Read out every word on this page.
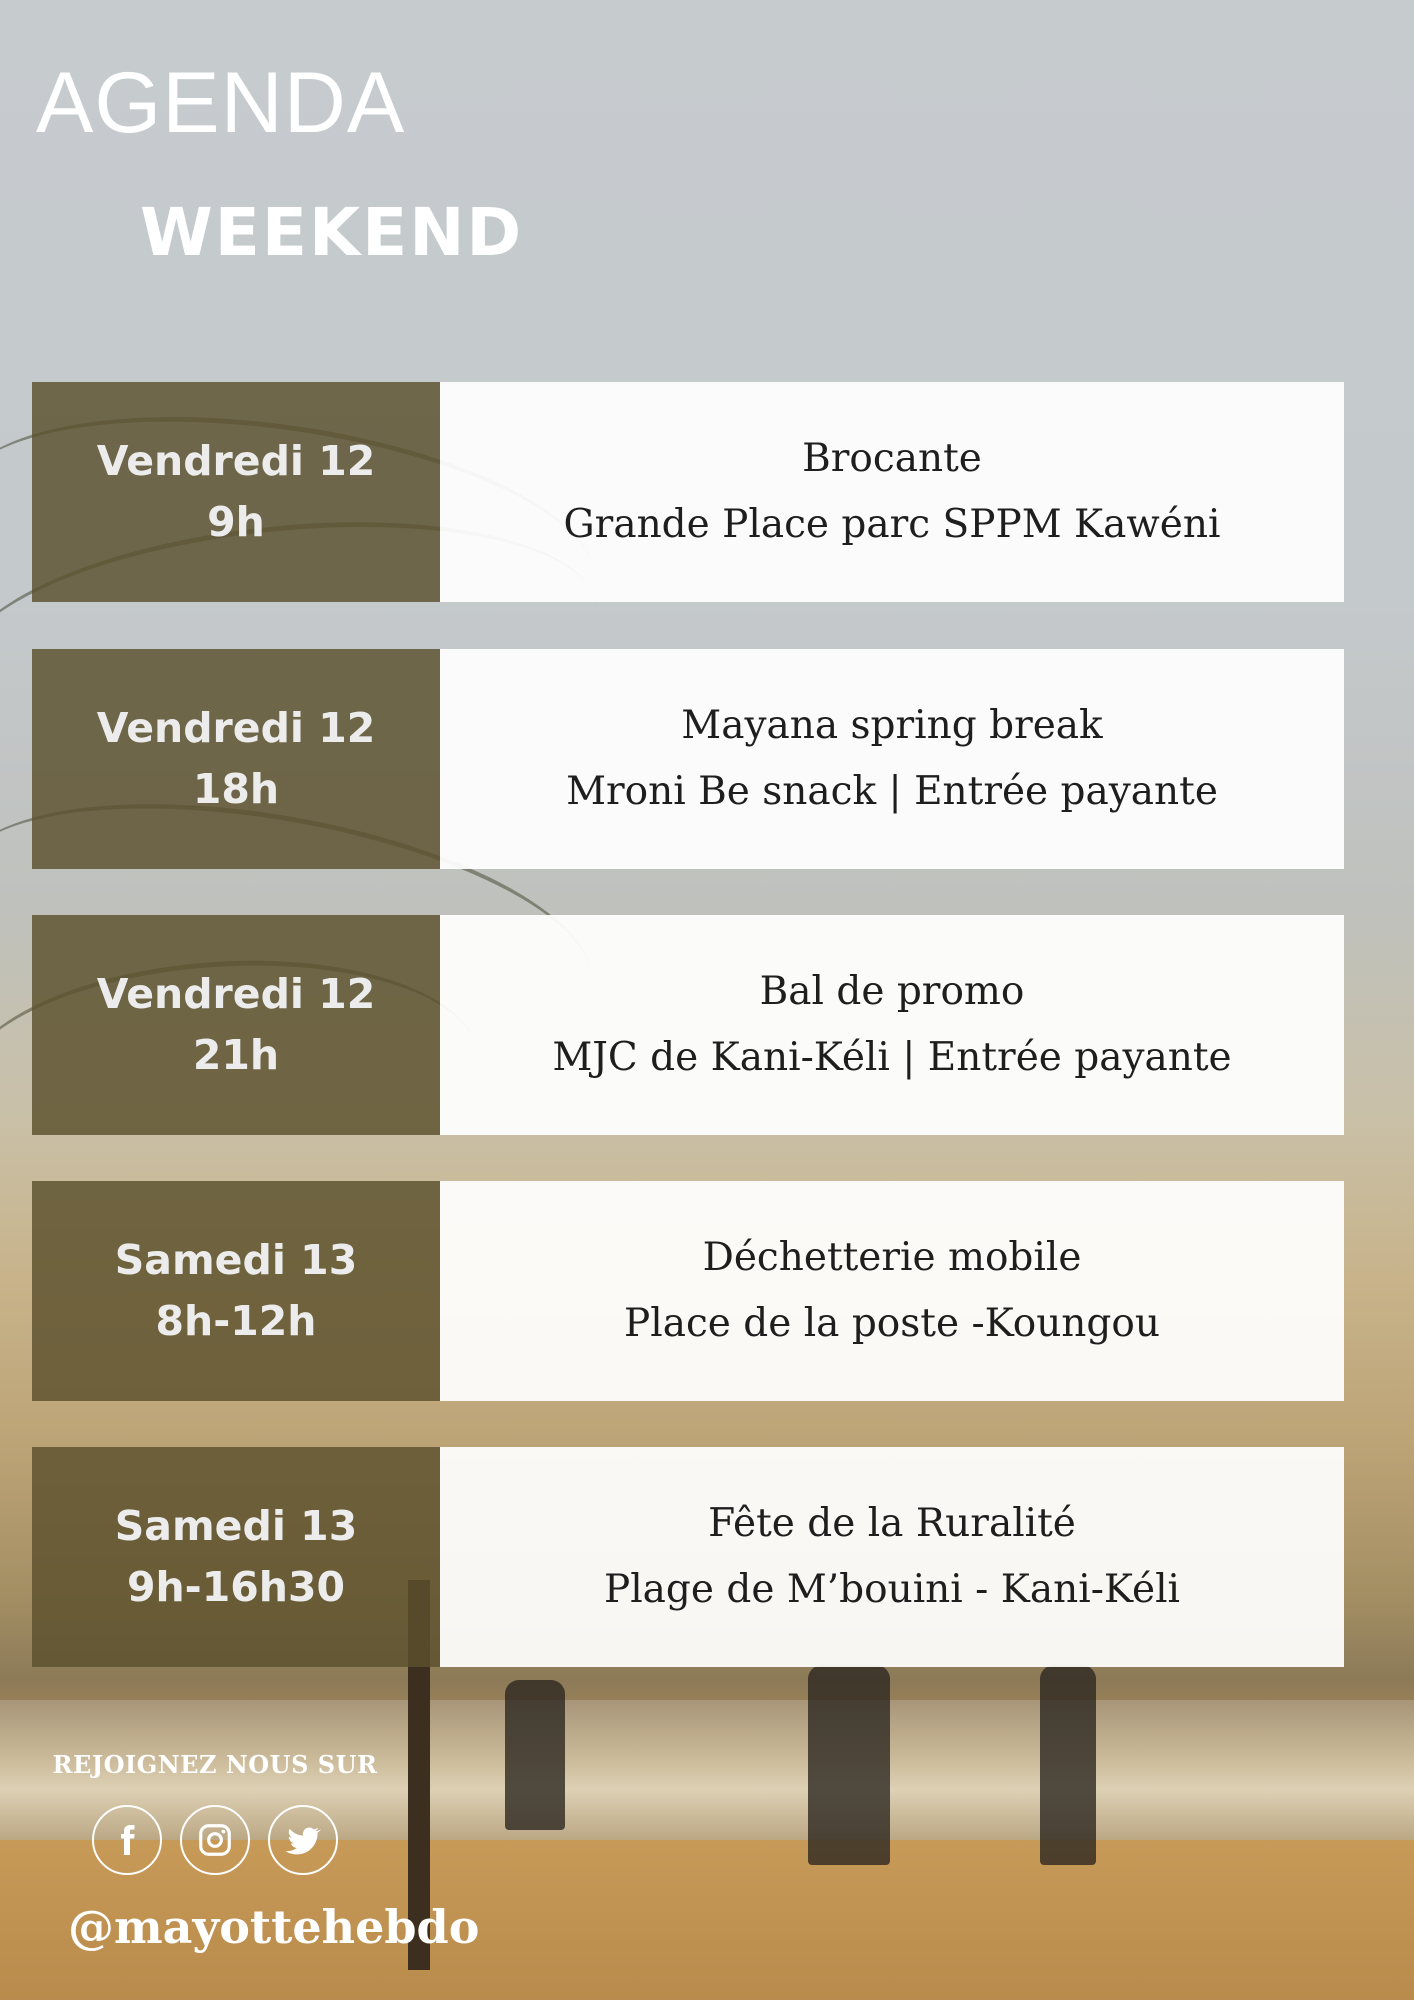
AGENDA
WEEKEND
Vendredi 12
9h
Brocante
Grande Place parc SPPM Kawéni
Vendredi 12
18h
Mayana spring break
Mroni Be snack | Entrée payante
Vendredi 12
21h
Bal de promo
MJC de Kani-Kéli | Entrée payante
Samedi 13
8h-12h
Déchetterie mobile
Place de la poste -Koungou
Samedi 13
9h-16h30
Fête de la Ruralité
Plage de M’bouini - Kani-Kéli
REJOIGNEZ NOUS SUR
@mayottehebdo
